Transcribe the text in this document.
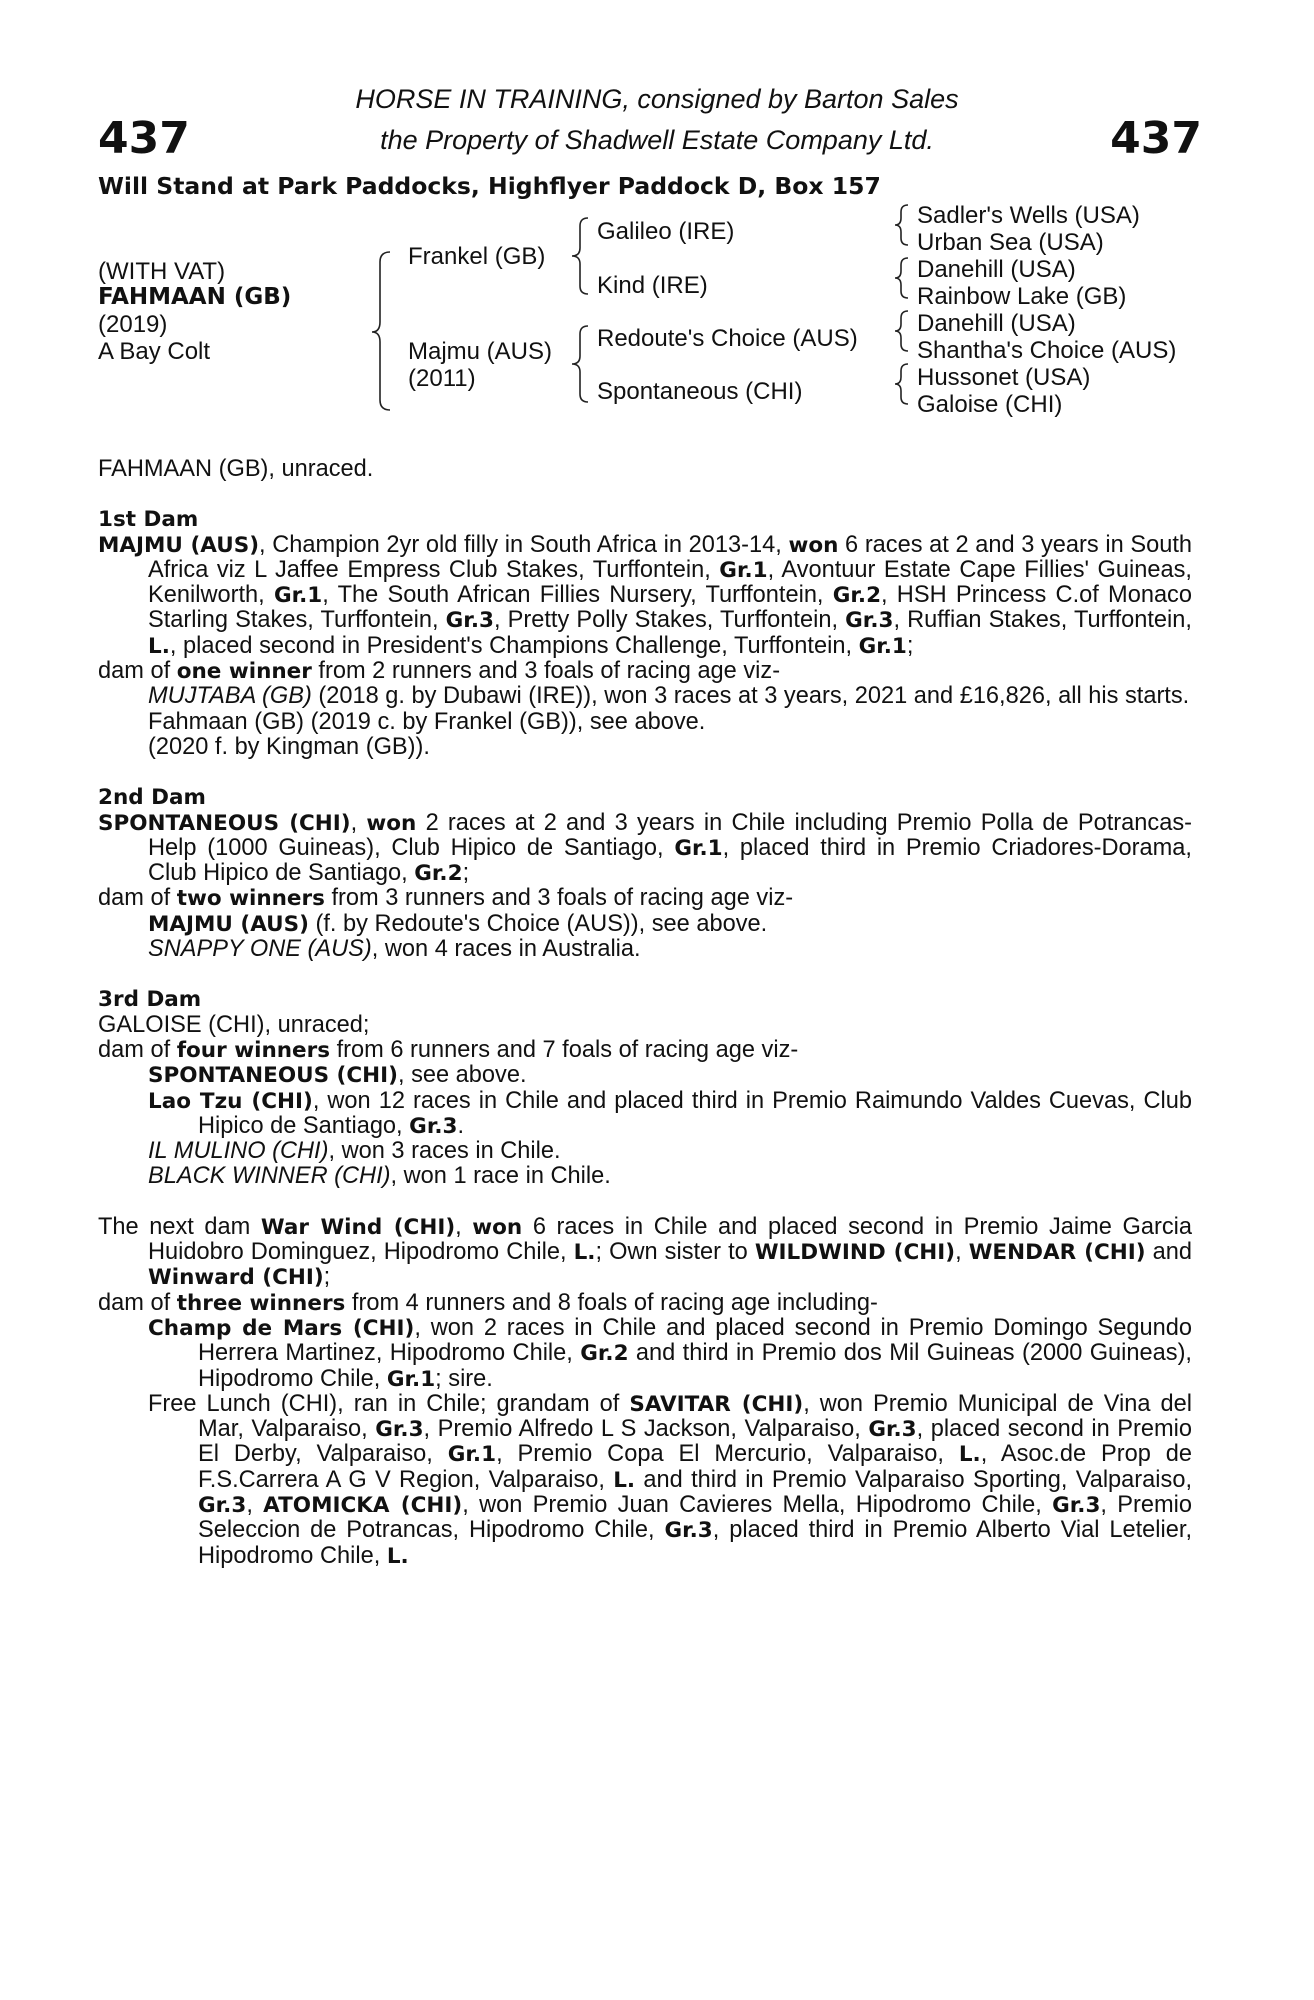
437	437
HORSE IN TRAINING, consigned by Barton Sales
the Property of Shadwell Estate Company Ltd.
Will Stand at Park Paddocks, Highflyer Paddock D, Box 157
(WITH VAT)
FAHMAAN (GB)
(2019)
A Bay Colt
Frankel (GB)
Majmu (AUS)
(2011)
Galileo (IRE)
Kind (IRE)
Redoute's Choice (AUS)
Spontaneous (CHI)
Sadler's Wells (USA)
Urban Sea (USA)
Danehill (USA)
Rainbow Lake (GB)
Danehill (USA)
Shantha's Choice (AUS)
Hussonet (USA)
Galoise (CHI)

FAHMAAN (GB), unraced.

1st Dam

MAJMU (AUS), Champion 2yr old filly in South Africa in 2013-14, won 6 races at 2 and 3 years in South Africa viz L Jaffee Empress Club Stakes, Turffontein, Gr.1, Avontuur Estate Cape Fillies' Guineas, Kenilworth, Gr.1, The South African Fillies Nursery, Turffontein, Gr.2, HSH Princess C.of Monaco Starling Stakes, Turffontein, Gr.3, Pretty Polly Stakes, Turffontein, Gr.3, Ruffian Stakes, Turffontein, L., placed second in President's Champions Challenge, Turffontein, Gr.1;

dam of one winner from 2 runners and 3 foals of racing age viz-

MUJTABA (GB) (2018 g. by Dubawi (IRE)), won 3 races at 3 years, 2021 and £16,826, all his starts.

Fahmaan (GB) (2019 c. by Frankel (GB)), see above.

(2020 f. by Kingman (GB)).

2nd Dam

SPONTANEOUS (CHI), won 2 races at 2 and 3 years in Chile including Premio Polla de Potrancas-Help (1000 Guineas), Club Hipico de Santiago, Gr.1, placed third in Premio Criadores-Dorama, Club Hipico de Santiago, Gr.2;

dam of two winners from 3 runners and 3 foals of racing age viz-

MAJMU (AUS) (f. by Redoute's Choice (AUS)), see above.

SNAPPY ONE (AUS), won 4 races in Australia.

3rd Dam

GALOISE (CHI), unraced;

dam of four winners from 6 runners and 7 foals of racing age viz-

SPONTANEOUS (CHI), see above.

Lao Tzu (CHI), won 12 races in Chile and placed third in Premio Raimundo Valdes Cuevas, Club Hipico de Santiago, Gr.3.

IL MULINO (CHI), won 3 races in Chile.

BLACK WINNER (CHI), won 1 race in Chile.

The next dam War Wind (CHI), won 6 races in Chile and placed second in Premio Jaime Garcia Huidobro Dominguez, Hipodromo Chile, L.; Own sister to WILDWIND (CHI), WENDAR (CHI) and Winward (CHI);

dam of three winners from 4 runners and 8 foals of racing age including-

Champ de Mars (CHI), won 2 races in Chile and placed second in Premio Domingo Segundo Herrera Martinez, Hipodromo Chile, Gr.2 and third in Premio dos Mil Guineas (2000 Guineas), Hipodromo Chile, Gr.1; sire.

Free Lunch (CHI), ran in Chile; grandam of SAVITAR (CHI), won Premio Municipal de Vina del Mar, Valparaiso, Gr.3, Premio Alfredo L S Jackson, Valparaiso, Gr.3, placed second in Premio El Derby, Valparaiso, Gr.1, Premio Copa El Mercurio, Valparaiso, L., Asoc.de Prop de F.S.Carrera A G V Region, Valparaiso, L. and third in Premio Valparaiso Sporting, Valparaiso, Gr.3, ATOMICKA (CHI), won Premio Juan Cavieres Mella, Hipodromo Chile, Gr.3, Premio Seleccion de Potrancas, Hipodromo Chile, Gr.3, placed third in Premio Alberto Vial Letelier, Hipodromo Chile, L.
